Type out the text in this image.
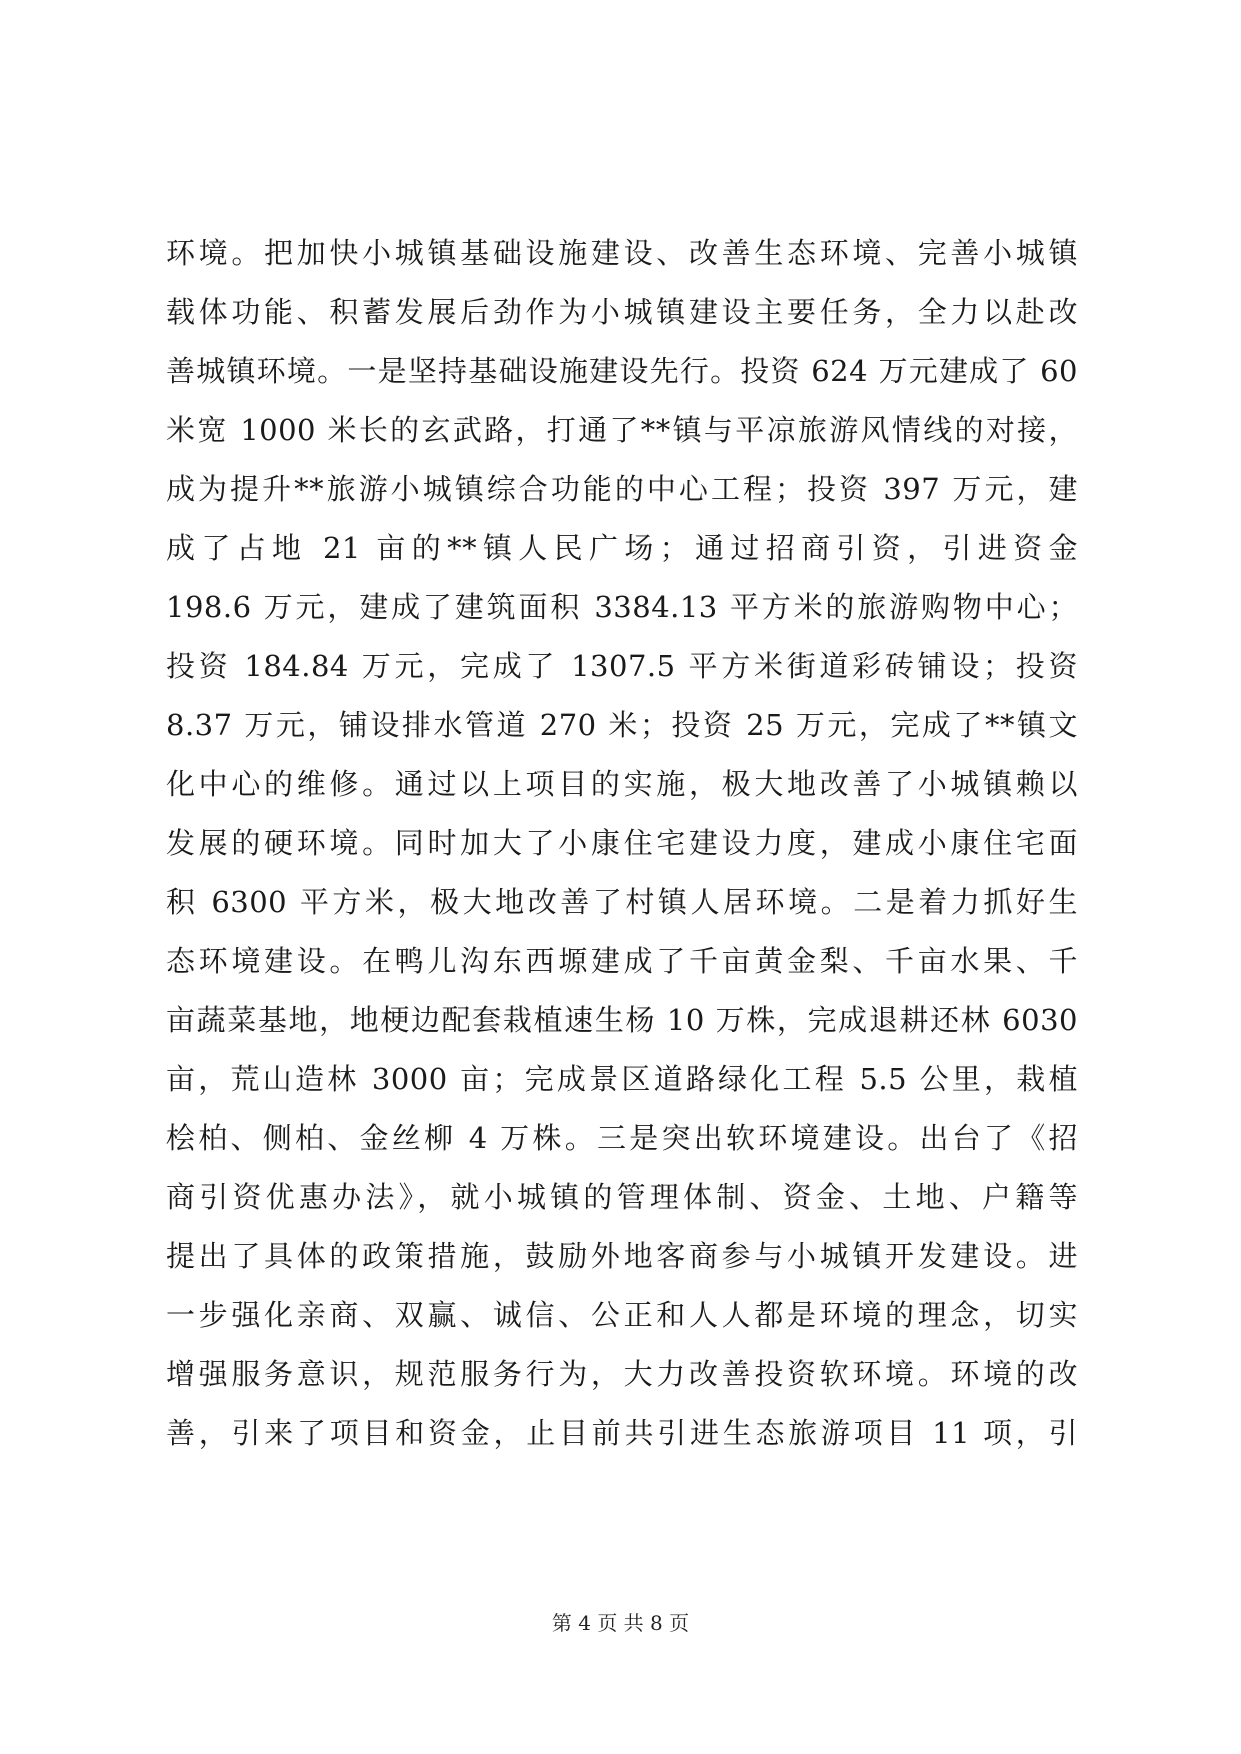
环境。把加快小城镇基础设施建设、改善生态环境、完善小城镇
载体功能、积蓄发展后劲作为小城镇建设主要任务，全力以赴改
善城镇环境。一是坚持基础设施建设先行。投资 624 万元建成了 60
米宽 1000 米长的玄武路，打通了**镇与平凉旅游风情线的对接，
成为提升**旅游小城镇综合功能的中心工程；投资 397 万元，建
成了占地 21 亩的**镇人民广场；通过招商引资，引进资金
198.6 万元，建成了建筑面积 3384.13 平方米的旅游购物中心；
投资 184.84 万元，完成了 1307.5 平方米街道彩砖铺设；投资
8.37 万元，铺设排水管道 270 米；投资 25 万元，完成了**镇文
化中心的维修。通过以上项目的实施，极大地改善了小城镇赖以
发展的硬环境。同时加大了小康住宅建设力度，建成小康住宅面
积 6300 平方米，极大地改善了村镇人居环境。二是着力抓好生
态环境建设。在鸭儿沟东西塬建成了千亩黄金梨、千亩水果、千
亩蔬菜基地，地梗边配套栽植速生杨 10 万株，完成退耕还林 6030
亩，荒山造林 3000 亩；完成景区道路绿化工程 5.5 公里，栽植
桧柏、侧柏、金丝柳 4 万株。三是突出软环境建设。出台了《招
商引资优惠办法》，就小城镇的管理体制、资金、土地、户籍等
提出了具体的政策措施，鼓励外地客商参与小城镇开发建设。进
一步强化亲商、双赢、诚信、公正和人人都是环境的理念，切实
增强服务意识，规范服务行为，大力改善投资软环境。环境的改
善，引来了项目和资金，止目前共引进生态旅游项目 11 项，引
第 4 页 共 8 页
